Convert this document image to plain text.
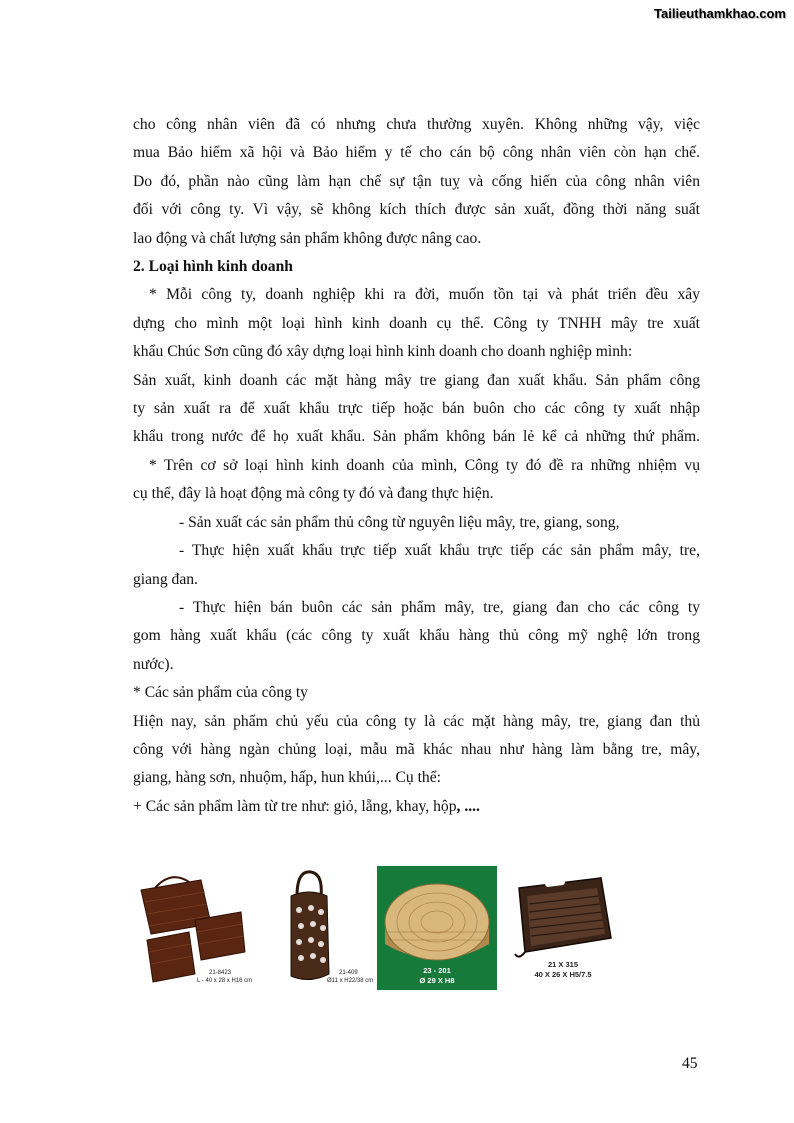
Tailieuthamkhao.com

cho công nhân viên đã có nhưng chưa thường xuyên. Không những vậy, việc

mua Bảo hiểm xã hội và Bảo hiểm y tế cho cán bộ công nhân viên còn hạn chế.

Do đó, phần nào cũng làm hạn chế sự tận tuỵ và cống hiến của công nhân viên

đối với công ty. Vì vậy, sẽ không kích thích được sản xuất, đồng thời năng suất

lao động và chất lượng sản phẩm không được nâng cao.

2. Loại hình kinh doanh

* Mỗi công ty, doanh nghiệp khi ra đời, muốn tồn tại và phát triển đều xây

dựng cho mình một loại hình kinh doanh cụ thể. Công ty TNHH mây tre xuất

khẩu Chúc Sơn cũng đó xây dựng loại hình kinh doanh cho doanh nghiệp mình:

Sản xuất, kinh doanh các mặt hàng mây tre giang đan xuất khẩu. Sản phẩm công

ty sản xuất ra để xuất khẩu trực tiếp hoặc bán buôn cho các công ty xuất nhập

khẩu trong nước để họ xuất khẩu. Sản phẩm không bán lẻ kể cả những thứ phẩm.

* Trên cơ sở loại hình kinh doanh của mình, Công ty đó đề ra những nhiệm vụ

cụ thể, đây là hoạt động mà công ty đó và đang thực hiện.

- Sản xuất các sản phẩm thủ công từ nguyên liệu mây, tre, giang, song,

- Thực hiện xuất khẩu trực tiếp xuất khẩu trực tiếp các sản phẩm mây, tre,

giang đan.

- Thực hiện bán buôn các sản phẩm mây, tre, giang đan cho các công ty

gom hàng xuất khẩu (các công ty xuất khẩu hàng thủ công mỹ nghệ lớn trong

nước).

* Các sản phẩm của công ty

Hiện nay, sản phẩm chủ yếu của công ty là các mặt hàng mây, tre, giang đan thủ

công với hàng ngàn chủng loại, mẫu mã khác nhau như hàng làm bằng tre, mây,

giang, hàng sơn, nhuộm, hấp, hun khúi,... Cụ thể:

+ Các sản phẩm làm từ tre như: giỏ, lẵng, khay, hộp, ....

21-8423
L - 40 x 28 x H16 cm
21-409
Ø11 x H22/38 cm
23 - 201
Ø 29 X H8
21 X 315
40 X 26 X H5/7.5
45
